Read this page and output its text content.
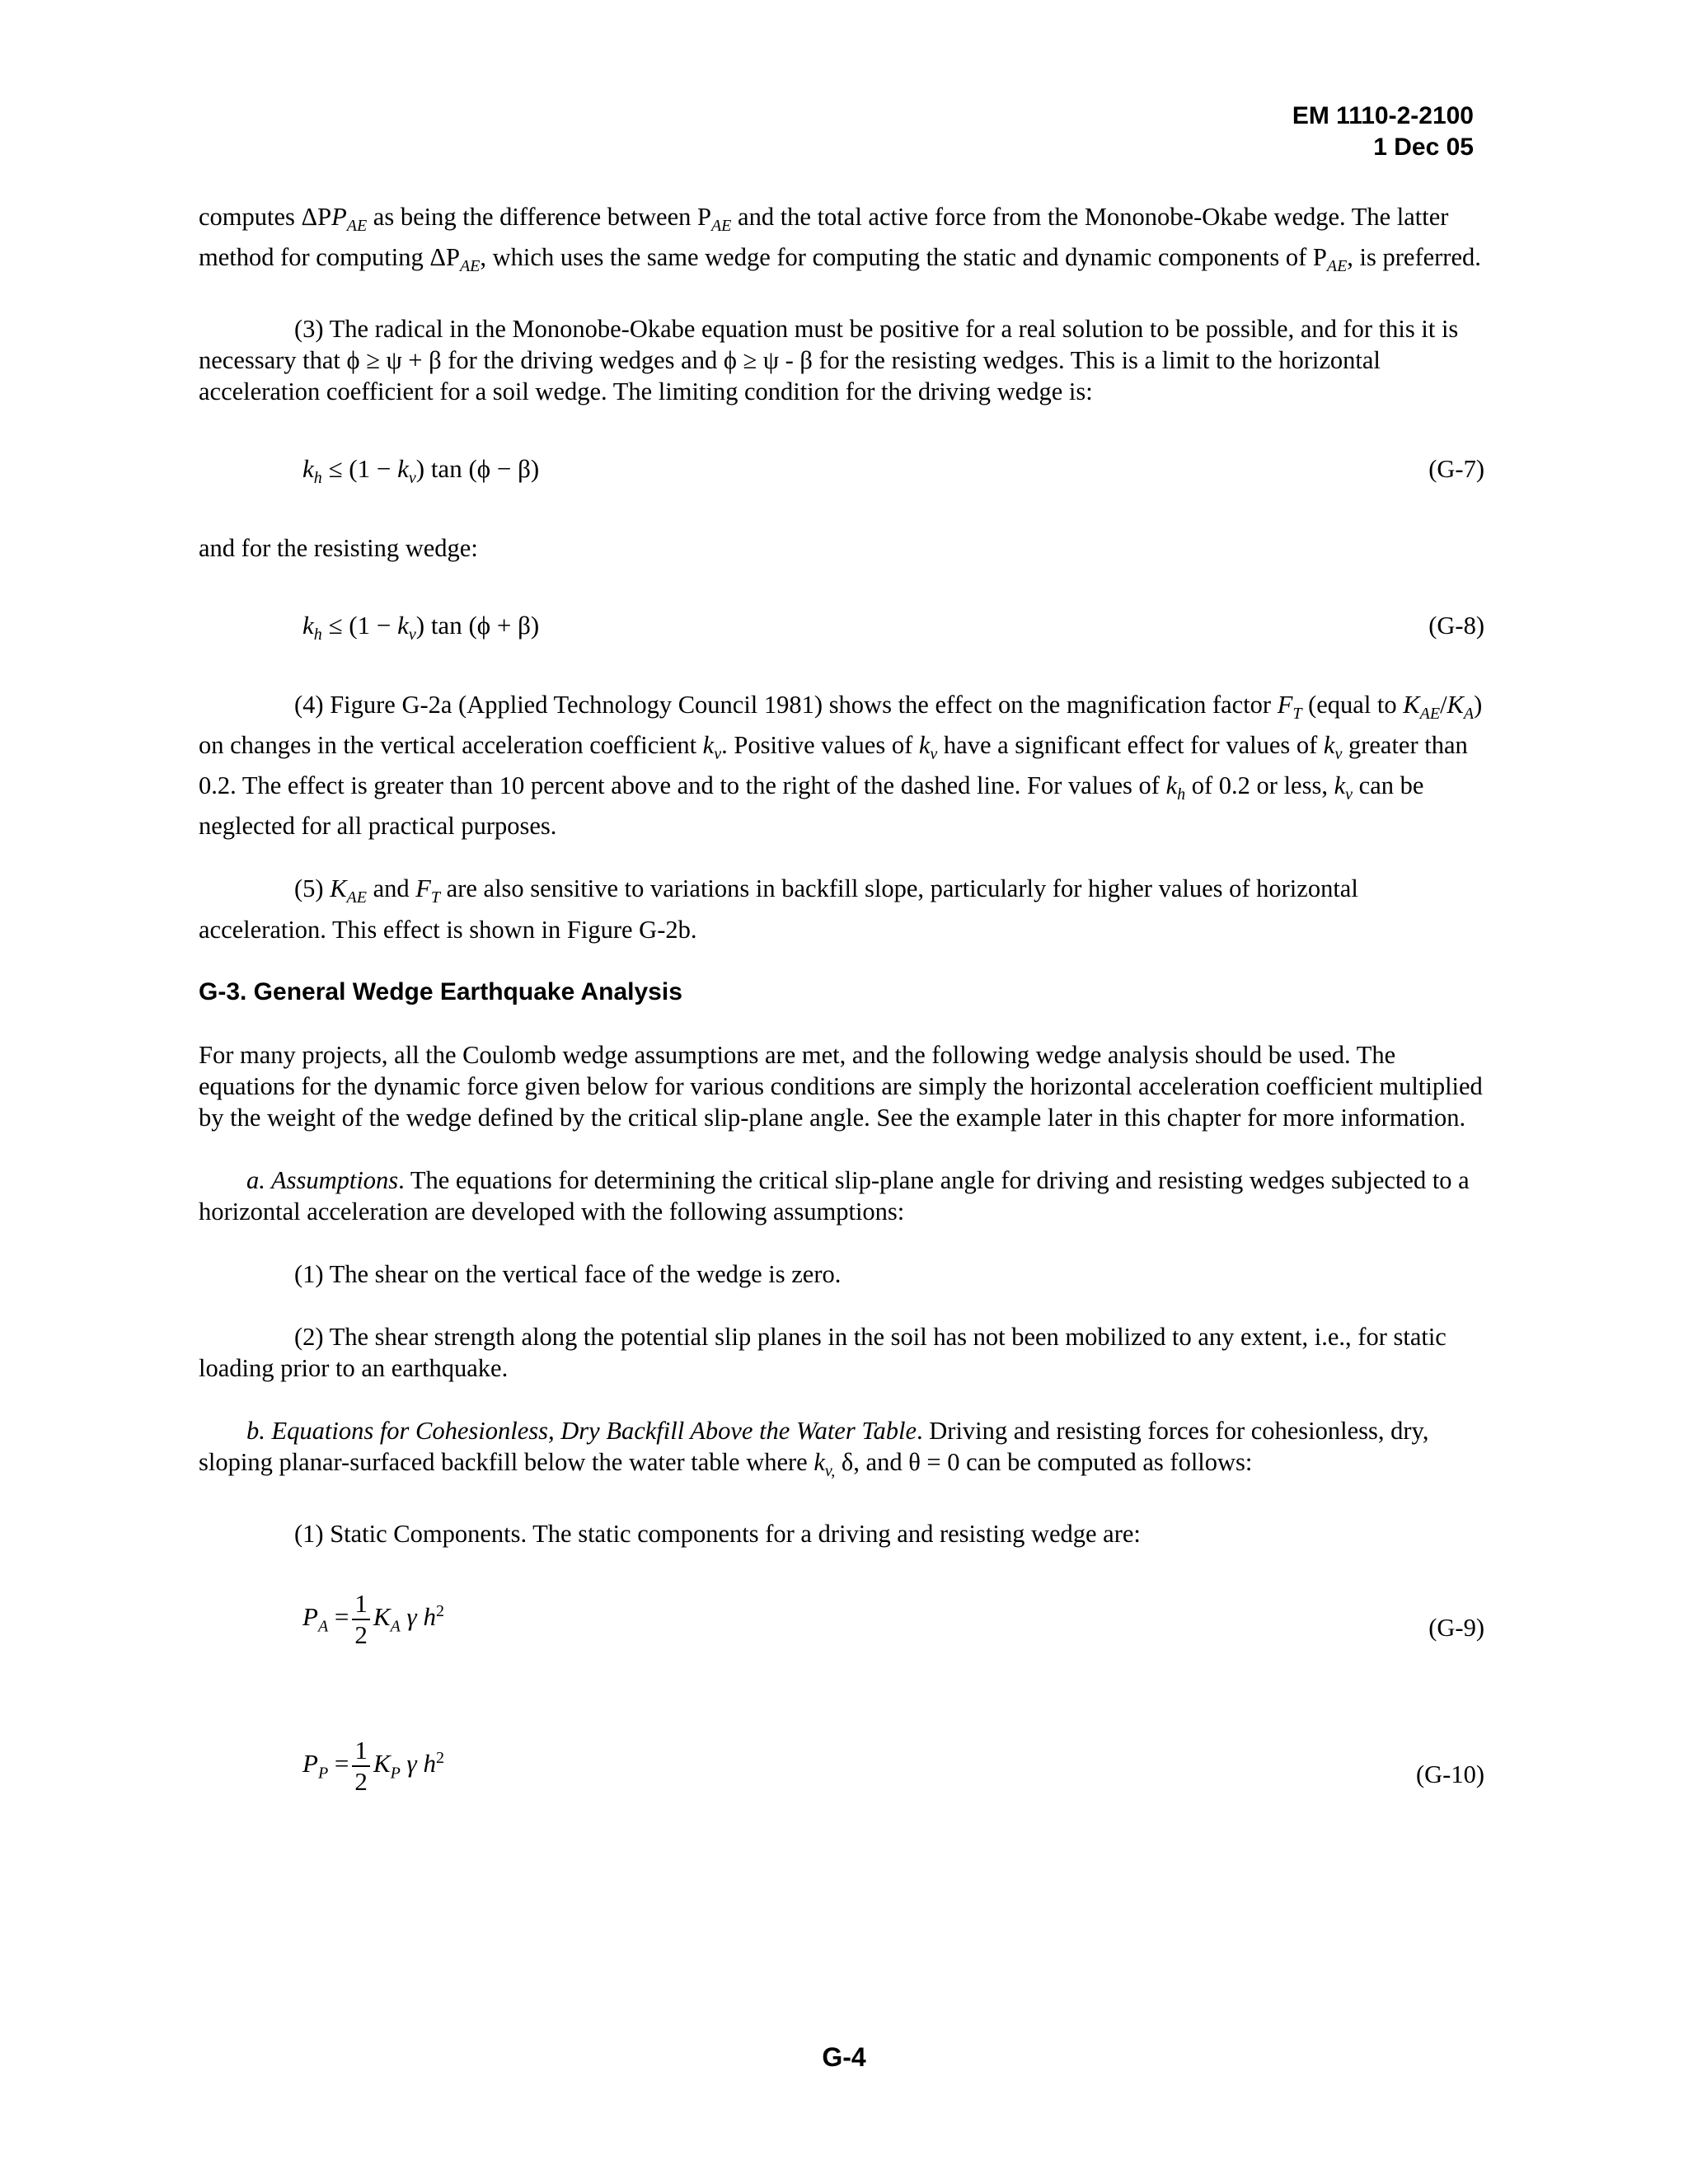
EM 1110-2-2100
1 Dec 05

computes $\Delta PP_{AE}$ as being the difference between $P_{AE}$ and the total active force from the Mononobe-Okabe wedge. The latter method for computing $\Delta P_{AE}$, which uses the same wedge for computing the static and dynamic components of $P_{AE}$, is preferred.

(3) The radical in the Mononobe-Okabe equation must be positive for a real solution to be possible, and for this it is necessary that ϕ ≥ ψ + β for the driving wedges and ϕ ≥ ψ - β for the resisting wedges. This is a limit to the horizontal acceleration coefficient for a soil wedge. The limiting condition for the driving wedge is:

$k_h \le (1 - k_v)$ tan (ϕ − β)	(G-7)

and for the resisting wedge:

$k_h \le (1 - k_v)$ tan (ϕ + β)	(G-8)

(4) Figure G-2a (Applied Technology Council 1981) shows the effect on the magnification factor $F_T$ (equal to $K_{AE}/K_A$) on changes in the vertical acceleration coefficient $k_v$. Positive values of $k_v$ have a significant effect for values of $k_v$ greater than 0.2. The effect is greater than 10 percent above and to the right of the dashed line. For values of $k_h$ of 0.2 or less, $k_v$ can be neglected for all practical purposes.

(5) $K_{AE}$ and $F_T$ are also sensitive to variations in backfill slope, particularly for higher values of horizontal acceleration. This effect is shown in Figure G-2b.

G-3. General Wedge Earthquake Analysis

For many projects, all the Coulomb wedge assumptions are met, and the following wedge analysis should be used. The equations for the dynamic force given below for various conditions are simply the horizontal acceleration coefficient multiplied by the weight of the wedge defined by the critical slip-plane angle. See the example later in this chapter for more information.

a. Assumptions. The equations for determining the critical slip-plane angle for driving and resisting wedges subjected to a horizontal acceleration are developed with the following assumptions:

(1) The shear on the vertical face of the wedge is zero.

(2) The shear strength along the potential slip planes in the soil has not been mobilized to any extent, i.e., for static loading prior to an earthquake.

b. Equations for Cohesionless, Dry Backfill Above the Water Table. Driving and resisting forces for cohesionless, dry, sloping planar-surfaced backfill below the water table where $k_{v,}$ δ, and θ = 0 can be computed as follows:

(1) Static Components. The static components for a driving and resisting wedge are:

$P_A = \frac{1}{2} K_A$ γ $h^2$
(G-9)
$P_P = \frac{1}{2} K_P$ γ $h^2$
(G-10)
G-4
